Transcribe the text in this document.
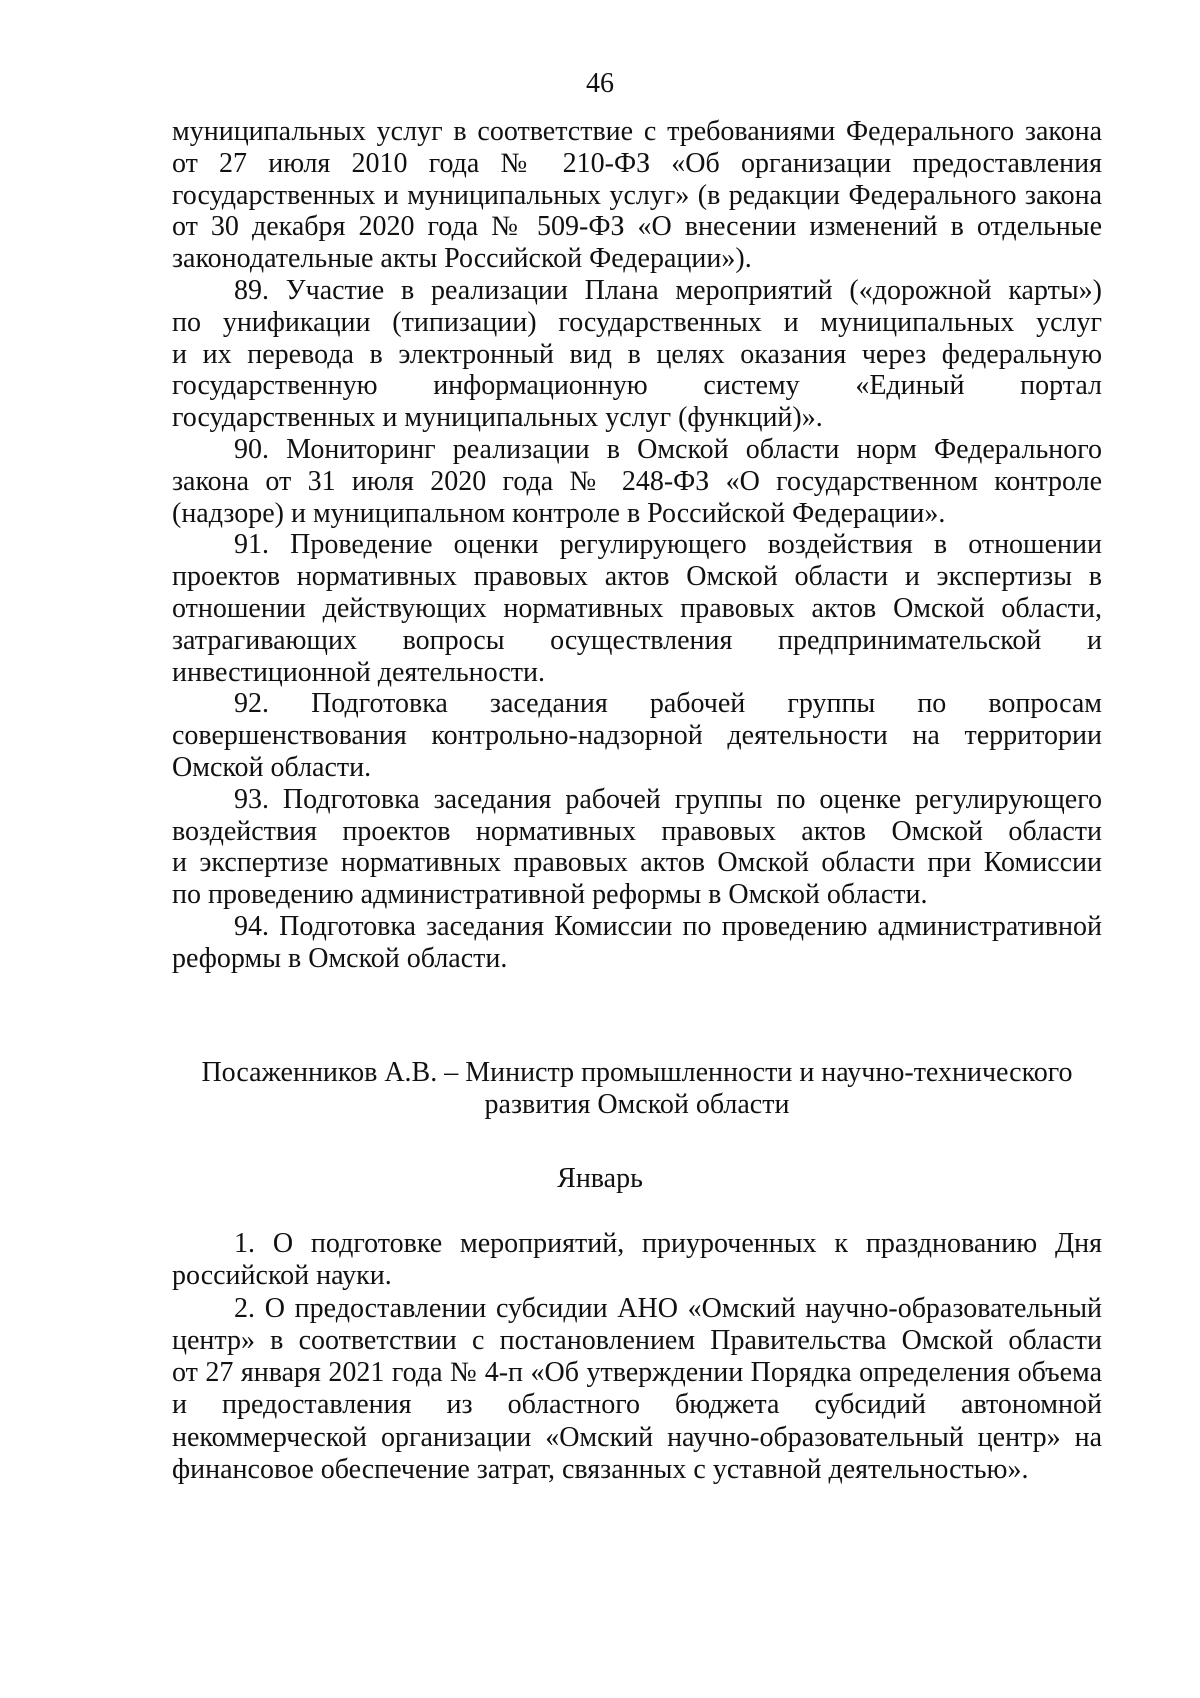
46
муниципальных услуг в соответствие с требованиями Федерального закона
от 27 июля 2010 года № 210-ФЗ «Об организации предоставления
государственных и муниципальных услуг» (в редакции Федерального закона
от 30 декабря 2020 года № 509-ФЗ «О внесении изменений в отдельные
законодательные акты Российской Федерации»).
89. Участие в реализации Плана мероприятий («дорожной карты»)
по унификации (типизации) государственных и муниципальных услуг
и их перевода в электронный вид в целях оказания через федеральную
государственную информационную систему «Единый портал
государственных и муниципальных услуг (функций)».
90. Мониторинг реализации в Омской области норм Федерального
закона от 31 июля 2020 года № 248-ФЗ «О государственном контроле
(надзоре) и муниципальном контроле в Российской Федерации».
91. Проведение оценки регулирующего воздействия в отношении
проектов нормативных правовых актов Омской области и экспертизы в
отношении действующих нормативных правовых актов Омской области,
затрагивающих вопросы осуществления предпринимательской и
инвестиционной деятельности.
92. Подготовка заседания рабочей группы по вопросам
совершенствования контрольно-надзорной деятельности на территории
Омской области.
93. Подготовка заседания рабочей группы по оценке регулирующего
воздействия проектов нормативных правовых актов Омской области
и экспертизе нормативных правовых актов Омской области при Комиссии
по проведению административной реформы в Омской области.
94. Подготовка заседания Комиссии по проведению административной
реформы в Омской области.
Посаженников А.В. – Министр промышленности и научно-технического
развития Омской области
Январь
1. О подготовке мероприятий, приуроченных к празднованию Дня
российской науки.
2. О предоставлении субсидии АНО «Омский научно-образовательный
центр» в соответствии с постановлением Правительства Омской области
от 27 января 2021 года № 4-п «Об утверждении Порядка определения объема
и предоставления из областного бюджета субсидий автономной
некоммерческой организации «Омский научно-образовательный центр» на
финансовое обеспечение затрат, связанных с уставной деятельностью».
